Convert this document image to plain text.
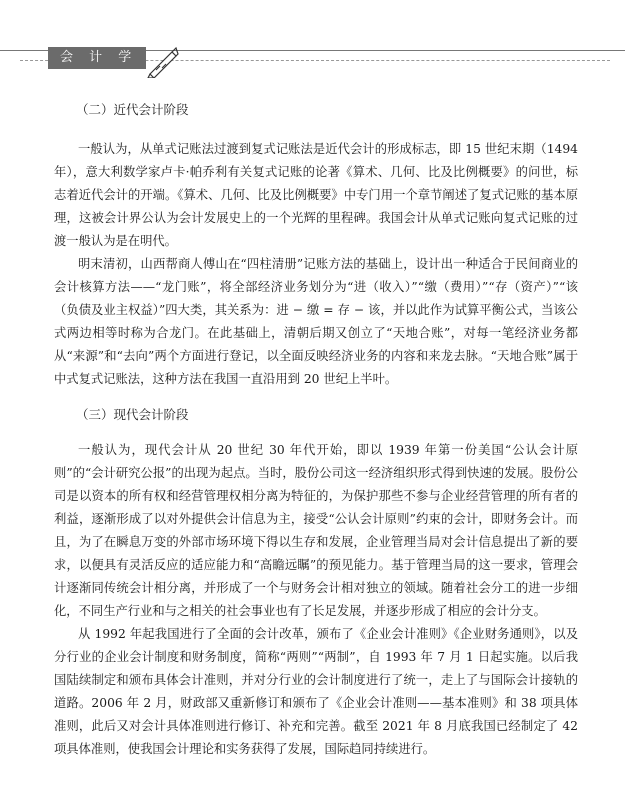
会 计 学
（二）近代会计阶段

一般认为，从单式记账法过渡到复式记账法是近代会计的形成标志，即 15 世纪末期（1494 年），意大利数学家卢卡·帕乔利有关复式记账的论著《算术、几何、比及比例概要》的问世，标志着近代会计的开端。《算术、几何、比及比例概要》中专门用一个章节阐述了复式记账的基本原理，这被会计界公认为会计发展史上的一个光辉的里程碑。我国会计从单式记账向复式记账的过渡一般认为是在明代。

明末清初，山西帮商人傅山在“四柱清册”记账方法的基础上，设计出一种适合于民间商业的会计核算方法——“龙门账”，将全部经济业务划分为“进（收入）”“缴（费用）”“存（资产）”“该（负债及业主权益）”四大类，其关系为：进 − 缴 = 存 − 该，并以此作为试算平衡公式，当该公式两边相等时称为合龙门。在此基础上，清朝后期又创立了“天地合账”，对每一笔经济业务都从“来源”和“去向”两个方面进行登记，以全面反映经济业务的内容和来龙去脉。“天地合账”属于中式复式记账法，这种方法在我国一直沿用到 20 世纪上半叶。

（三）现代会计阶段

一般认为，现代会计从 20 世纪 30 年代开始，即以 1939 年第一份美国“公认会计原则”的“会计研究公报”的出现为起点。当时，股份公司这一经济组织形式得到快速的发展。股份公司是以资本的所有权和经营管理权相分离为特征的，为保护那些不参与企业经营管理的所有者的利益，逐渐形成了以对外提供会计信息为主，接受“公认会计原则”约束的会计，即财务会计。而且，为了在瞬息万变的外部市场环境下得以生存和发展，企业管理当局对会计信息提出了新的要求，以便具有灵活反应的适应能力和“高瞻远瞩”的预见能力。基于管理当局的这一要求，管理会计逐渐同传统会计相分离，并形成了一个与财务会计相对独立的领域。随着社会分工的进一步细化，不同生产行业和与之相关的社会事业也有了长足发展，并逐步形成了相应的会计分支。

从 1992 年起我国进行了全面的会计改革，颁布了《企业会计准则》《企业财务通则》，以及分行业的企业会计制度和财务制度，简称“两则”“两制”，自 1993 年 7 月 1 日起实施。以后我国陆续制定和颁布具体会计准则，并对分行业的会计制度进行了统一，走上了与国际会计接轨的道路。2006 年 2 月，财政部又重新修订和颁布了《企业会计准则——基本准则》和 38 项具体准则，此后又对会计具体准则进行修订、补充和完善。截至 2021 年 8 月底我国已经制定了 42 项具体准则，使我国会计理论和实务获得了发展，国际趋同持续进行。
